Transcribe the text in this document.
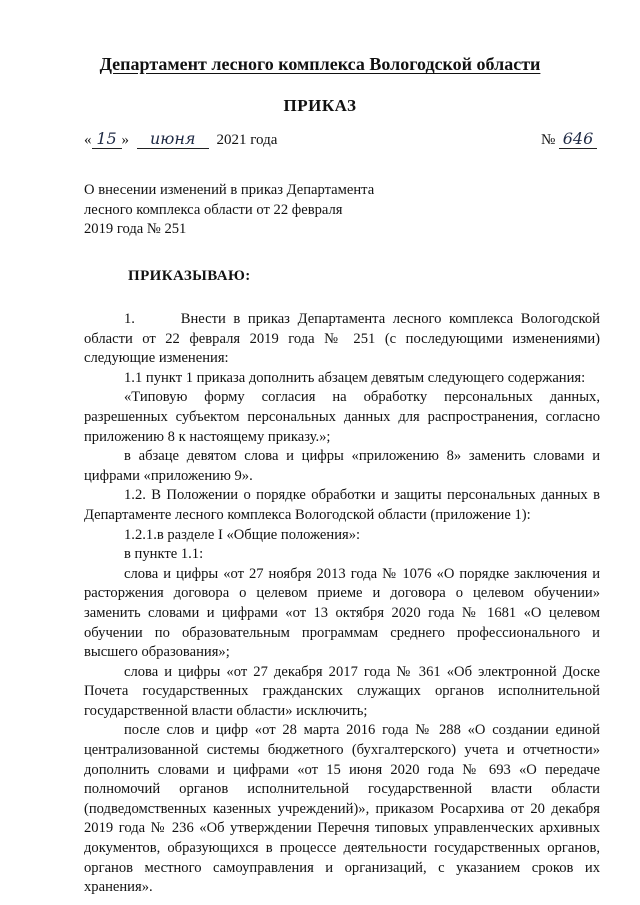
Департамент лесного комплекса Вологодской области
ПРИКАЗ
« 15 » июня 2021 года	№ 646
О внесении изменений в приказ Департамента
лесного комплекса области от 22 февраля
2019 года № 251
ПРИКАЗЫВАЮ:

1.      Внести в приказ Департамента лесного комплекса Вологодской области от 22 февраля 2019 года № 251 (с последующими изменениями) следующие изменения:

1.1 пункт 1 приказа дополнить абзацем девятым следующего содержания:

«Типовую форму согласия на обработку персональных данных, разрешенных субъектом персональных данных для распространения, согласно приложению 8 к настоящему приказу.»;

в абзаце девятом слова и цифры «приложению 8» заменить словами и цифрами «приложению 9».

1.2. В Положении о порядке обработки и защиты персональных данных в Департаменте лесного комплекса Вологодской области (приложение 1):

1.2.1.в разделе I «Общие положения»:

в пункте 1.1:

слова и цифры «от 27 ноября 2013 года № 1076 «О порядке заключения и расторжения договора о целевом приеме и договора о целевом обучении» заменить словами и цифрами «от 13 октября 2020 года № 1681 «О целевом обучении по образовательным программам среднего профессионального и высшего образования»;

слова и цифры «от 27 декабря 2017 года № 361 «Об электронной Доске Почета государственных гражданских служащих органов исполнительной государственной власти области» исключить;

после слов и цифр «от 28 марта 2016 года № 288 «О создании единой централизованной системы бюджетного (бухгалтерского) учета и отчетности» дополнить словами и цифрами «от 15 июня 2020 года № 693 «О передаче полномочий органов исполнительной государственной власти области (подведомственных казенных учреждений)», приказом Росархива от 20 декабря 2019 года № 236 «Об утверждении Перечня типовых управленческих архивных документов, образующихся в процессе деятельности государственных органов, органов местного самоуправления и организаций, с указанием сроков их хранения».
